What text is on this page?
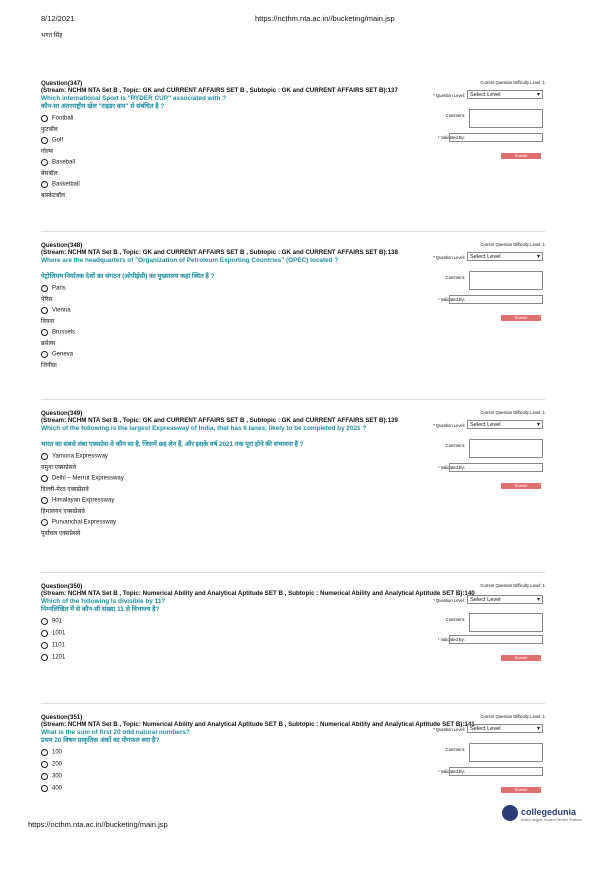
8/12/2021	https://ncthm.nta.ac.in//bucketing/main.jsp
भगत सिंह
Question(347)
(Stream: NCHM NTA Set B , Topic: GK and CURRENT AFFAIRS SET B , Subtopic : GK and CURRENT AFFAIRS SET B):137
Which international Sport is "RYDER CUP" associated with ?
कौन-सा अंतरराष्ट्रीय खेल "राइडर कप" से संबंधित है ?
Football
फुटबॉल
Golf
गोल्फ
Baseball
बेसबॉल
Basketball
बास्केटबॉल
Current Question Difficulty Level: 1
* Question Level: Select Level	▾
Comment:
* Validated By:
Submit
Question(348)
(Stream: NCHM NTA Set B , Topic: GK and CURRENT AFFAIRS SET B , Subtopic : GK and CURRENT AFFAIRS SET B):138
Where are the headquarters of "Organization of Petroleum Exporting Countries" (OPEC) located ?
पेट्रोलियम निर्यातक देशों का संगठन (ओपीईसी) का मुख्यालय कहां स्थित है ?
Paris
पेरिस
Vienna
वियना
Brussels
ब्रसेल्स
Geneva
जिनीवा
Current Question Difficulty Level: 1
* Question Level: Select Level	▾
Comment:
* Validated By:
Submit
Question(349)
(Stream: NCHM NTA Set B , Topic: GK and CURRENT AFFAIRS SET B , Subtopic : GK and CURRENT AFFAIRS SET B):139
Which of the following is the largest Expressway of India, that has 6 lanes, likely to be completed by 2021 ?
भारत का सबसे लंबा एक्सप्रेस-वे कौन सा है, जिसमें छह लेन हैं, और इसके वर्ष 2021 तक पूरा होने की संभावना है ?
Yamuna Expressway
यमुना एक्सप्रेसवे
Delhi – Merrut Expressway
दिल्ली-मेरठ एक्सप्रेसवे
Himalayan Expressway
हिमालयन एक्सप्रेसवे
Purvanchal Expressway
पूर्वांचल एक्सप्रेसवे
Current Question Difficulty Level: 1
* Question Level: Select Level	▾
Comment:
* Validated By:
Submit
Question(350)
(Stream: NCHM NTA Set B , Topic: Numerical Ability and Analytical Aptitude SET B , Subtopic : Numerical Ability and Analytical Aptitude SET B):140
Which of the following is divisible by 11?
निम्नलिखित में से कौन-सी संख्या 11 से विभाज्य है?
901
1001
1101
1201
Current Question Difficulty Level: 1
* Question Level: Select Level	▾
Comment:
* Validated By:
Submit
Question(351)
(Stream: NCHM NTA Set B , Topic: Numerical Ability and Analytical Aptitude SET B , Subtopic : Numerical Ability and Analytical Aptitude SET B):141
What is the sum of first 20 odd natural numbers?
प्रथम 20 विषम प्राकृतिक अंकों का योगफल क्या है?
100
200
300
400
Current Question Difficulty Level: 1
* Question Level: Select Level	▾
Comment:
* Validated By:
Submit
https://ncthm.nta.ac.in//bucketing/main.jsp
collegedunia
India's largest Student Review Platform
